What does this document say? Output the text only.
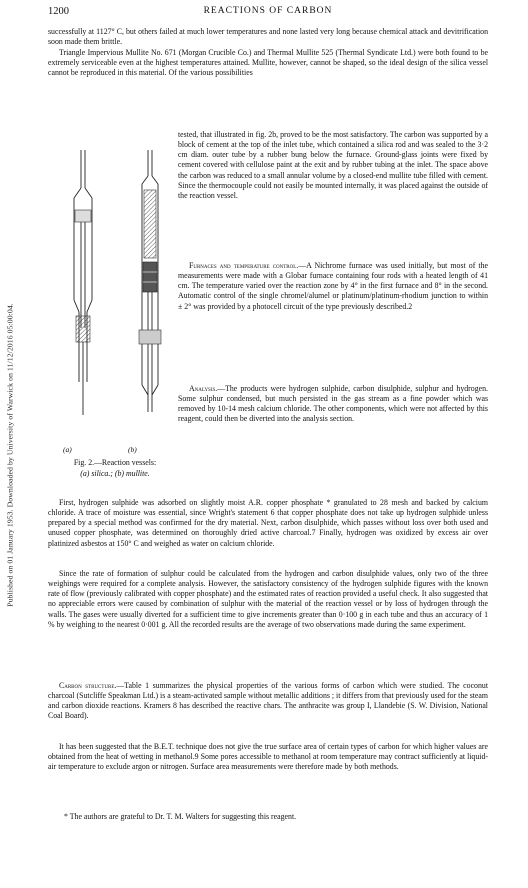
Published on 01 January 1953. Downloaded by University of Warwick on 11/12/2016 05:00:04.
1200	REACTIONS OF CARBON

successfully at 1127° C, but others failed at much lower temperatures and none lasted very long because chemical attack and devitrification soon made them brittle.

Triangle Impervious Mullite No. 671 (Morgan Crucible Co.) and Thermal Mullite 525 (Thermal Syndicate Ltd.) were both found to be extremely serviceable even at the highest temperatures attained. Mullite, however, cannot be shaped, so the ideal design of the silica vessel cannot be reproduced in this material. Of the various possibilities

tested, that illustrated in fig. 2b, proved to be the most satisfactory. The carbon was supported by a block of cement at the top of the inlet tube, which contained a silica rod and was sealed to the 3·2 cm diam. outer tube by a rubber bung below the furnace. Ground-glass joints were fixed by cement covered with cellulose paint at the exit and by rubber tubing at the inlet. The space above the carbon was reduced to a small annular volume by a closed-end mullite tube filled with cement. Since the thermocouple could not easily be mounted internally, it was placed against the outside of the reaction vessel.

Furnaces and temperature control.—A Nichrome furnace was used initially, but most of the measurements were made with a Globar furnace containing four rods with a heated length of 41 cm. The temperature varied over the reaction zone by 4° in the first furnace and 8° in the second. Automatic control of the single chromel/alumel or platinum/platinum-rhodium junction to within ± 2° was provided by a photocell circuit of the type previously described.2

Analysis.—The products were hydrogen sulphide, carbon disulphide, sulphur and hydrogen. Some sulphur condensed, but much persisted in the gas stream as a fine powder which was removed by 10-14 mesh calcium chloride. The other components, which were not affected by this reagent, could then be diverted into the analysis section.

(a)	(b)

Fig. 2.—Reaction vessels:
(a) silica.; (b) mullite.

First, hydrogen sulphide was adsorbed on slightly moist A.R. copper phosphate * granulated to 28 mesh and backed by calcium chloride. A trace of moisture was essential, since Wright's statement 6 that copper phosphate does not take up hydrogen sulphide unless prepared by a special method was confirmed for the dry material. Next, carbon disulphide, which passes without loss over both used and unused copper phosphate, was determined on thoroughly dried active charcoal.7 Finally, hydrogen was oxidized by excess air over platinized asbestos at 150° C and weighed as water on calcium chloride.

Since the rate of formation of sulphur could be calculated from the hydrogen and carbon disulphide values, only two of the three weighings were required for a complete analysis. However, the satisfactory consistency of the hydrogen sulphide figures with the known rate of flow (previously calibrated with copper phosphate) and the estimated rates of reaction provided a useful check. It also suggested that no appreciable errors were caused by combination of sulphur with the material of the reaction vessel or by loss of hydrogen through the walls. The gases were usually diverted for a sufficient time to give increments greater than 0·100 g in each tube and thus an accuracy of 1 % by weighing to the nearest 0·001 g. All the recorded results are the average of two observations made during the same experiment.

Carbon structure.—Table 1 summarizes the physical properties of the various forms of carbon which were studied. The coconut charcoal (Sutcliffe Speakman Ltd.) is a steam-activated sample without metallic additions ; it differs from that previously used for the steam and carbon dioxide reactions. Kramers 8 has described the reactive chars. The anthracite was group I, Llandebie (S. W. Division, National Coal Board).

It has been suggested that the B.E.T. technique does not give the true surface area of certain types of carbon for which higher values are obtained from the heat of wetting in methanol.9 Some pores accessible to methanol at room temperature may contract sufficiently at liquid-air temperature to exclude argon or nitrogen. Surface area measurements were therefore made by both methods.

* The authors are grateful to Dr. T. M. Walters for suggesting this reagent.
